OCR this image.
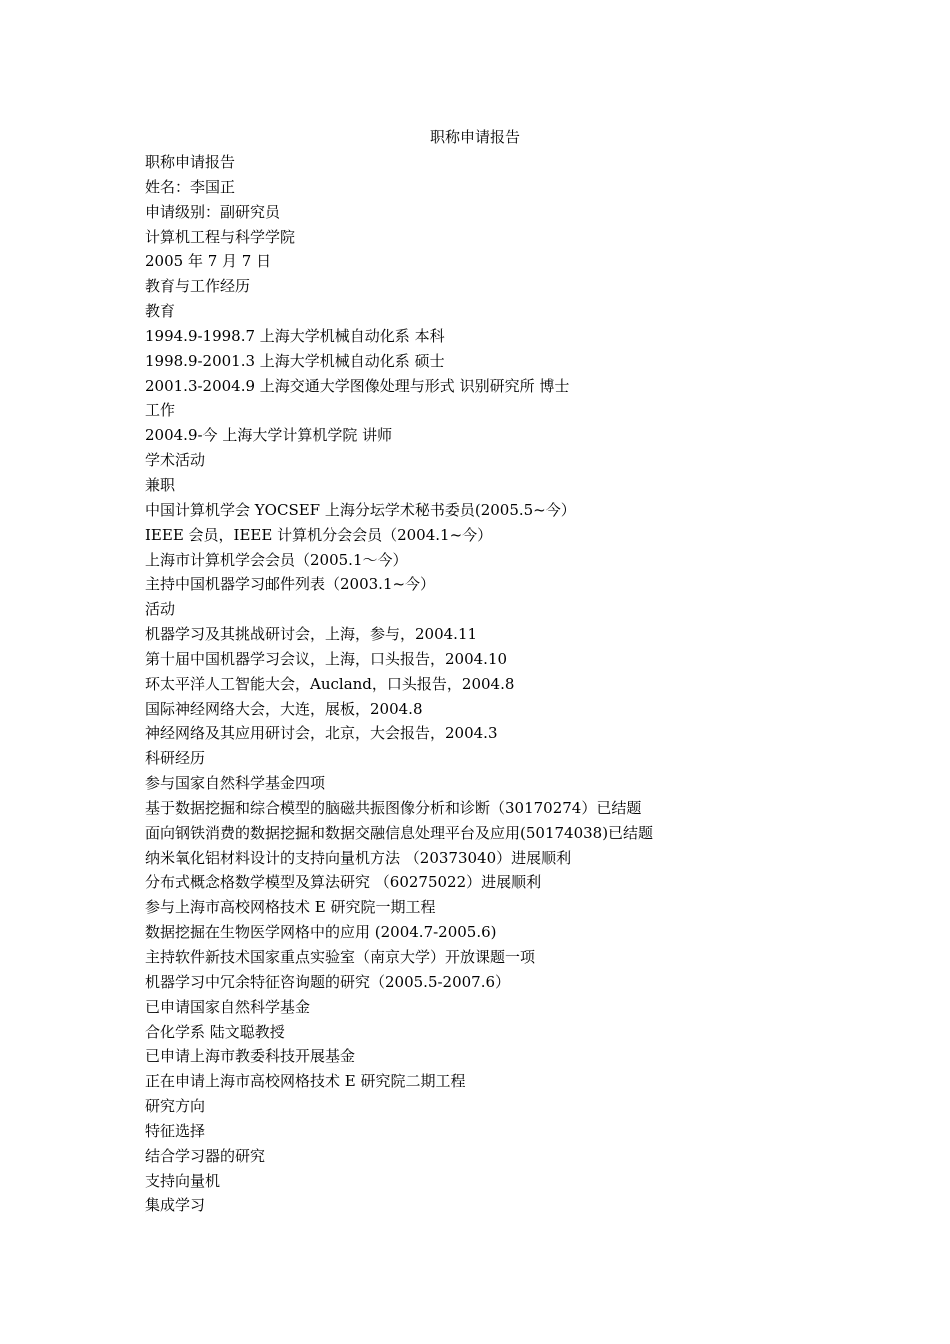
职称申请报告
职称申请报告
姓名：李国正
申请级别：副研究员
计算机工程与科学学院
2005 年 7 月 7 日
教育与工作经历
教育
1994.9-1998.7 上海大学机械自动化系 本科
1998.9-2001.3 上海大学机械自动化系 硕士
2001.3-2004.9 上海交通大学图像处理与形式 识别研究所 博士
工作
2004.9-今 上海大学计算机学院 讲师
学术活动
兼职
中国计算机学会 YOCSEF 上海分坛学术秘书委员(2005.5~今）
IEEE 会员，IEEE 计算机分会会员（2004.1~今）
上海市计算机学会会员（2005.1～今）
主持中国机器学习邮件列表（2003.1~今）
活动
机器学习及其挑战研讨会，上海，参与，2004.11
第十届中国机器学习会议，上海，口头报告，2004.10
环太平洋人工智能大会，Aucland，口头报告，2004.8
国际神经网络大会，大连，展板，2004.8
神经网络及其应用研讨会，北京，大会报告，2004.3
科研经历
参与国家自然科学基金四项
基于数据挖掘和综合模型的脑磁共振图像分析和诊断（30170274）已结题
面向钢铁消费的数据挖掘和数据交融信息处理平台及应用(50174038)已结题
纳米氧化铝材料设计的支持向量机方法 （20373040）进展顺利
分布式概念格数学模型及算法研究 （60275022）进展顺利
参与上海市高校网格技术 E 研究院一期工程
数据挖掘在生物医学网格中的应用 (2004.7-2005.6)
主持软件新技术国家重点实验室（南京大学）开放课题一项
机器学习中冗余特征咨询题的研究（2005.5-2007.6）
已申请国家自然科学基金
合化学系 陆文聪教授
已申请上海市教委科技开展基金
正在申请上海市高校网格技术 E 研究院二期工程
研究方向
特征选择
结合学习器的研究
支持向量机
集成学习
